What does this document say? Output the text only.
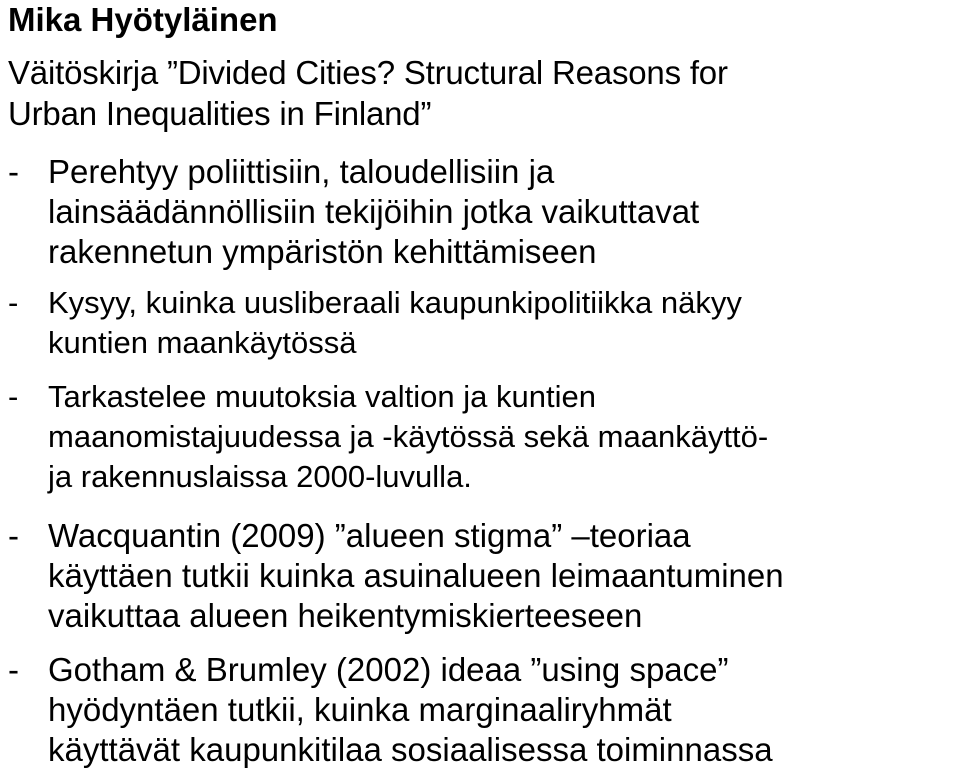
Mika Hyötyläinen
Väitöskirja ”Divided Cities? Structural Reasons for
Urban Inequalities in Finland”
- Perehtyy poliittisiin, taloudellisiin ja
lainsäädännöllisiin tekijöihin jotka vaikuttavat
rakennetun ympäristön kehittämiseen
- Kysyy, kuinka uusliberaali kaupunkipolitiikka näkyy
kuntien maankäytössä
- Tarkastelee muutoksia valtion ja kuntien
maanomistajuudessa ja -käytössä sekä maankäyttö-
ja rakennuslaissa 2000-luvulla.
- Wacquantin (2009) ”alueen stigma” –teoriaa
käyttäen tutkii kuinka asuinalueen leimaantuminen
vaikuttaa alueen heikentymiskierteeseen
- Gotham & Brumley (2002) ideaa ”using space”
hyödyntäen tutkii, kuinka marginaaliryhmät
käyttävät kaupunkitilaa sosiaalisessa toiminnassa
